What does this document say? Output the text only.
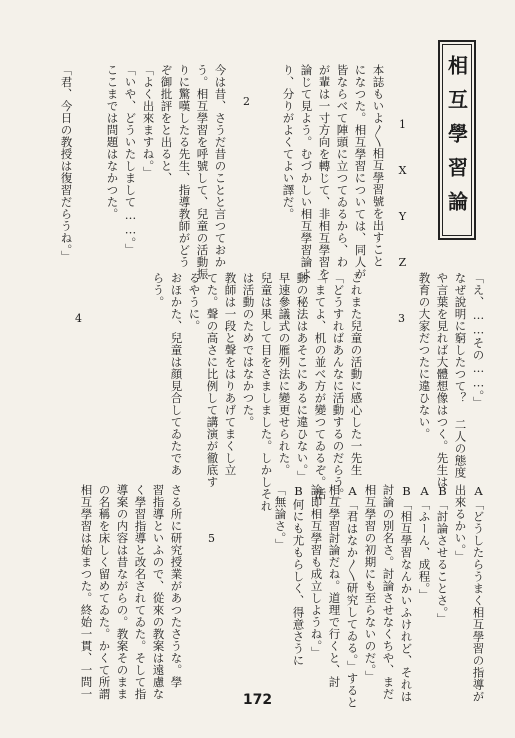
相互學習論
1 X Y Z
2
3
4
5
本誌もいよ〳〵相互學習號を出すこと
になつた。相互學習については、同人が
皆ならべて陣頭に立つてゐるから、わ
が輩は一寸方向を轉じて、非相互學習を
論じて見よう。むづかしい相互學習論よ
り、分りがよくてよい譯だ。
今は昔、さうだ昔のことと言つておか
う。相互學習を呼號して、兒童の活動振
りに驚嘆したる先生、指導教師がどう
ぞ御批評をと出ると、
「よく出來ますね。」
「いや、どういたしまして……。」
ここまでは問題はなかつた。
「君、今日の教授は復習だらうね。」
「え、……その……。」
なぜ說明に窮したつて？ 二人の態度
や言葉を見れば大體想像はつく。先生は
教育の大家だつたに違ひない。
これまた兒童の活動に感心した一先生
「どうすればあんなに活動するのだらう。」
「まてよ、机の並べ方が變つてゐるぞ。活
動の秘法はあそこにあるに違ひない。」
早速參議式の雁列法に變更せられた。
兒童は果して目をさましました。しかしそれ
は活動のためではなかつた。
教師は一段と聲をはりあげてまくし立
てた。聲の高さに比例して講演が徹底す
るやうに。
おほかた、兒童は顔見合してゐたであ
らう。
A「どうしたらうまく相互學習の指導が
出來るかい。」
B「討論させることさ。」
A「ふーん、成程。」
B「相互學習なんかいふけれど、それは
討論の別名さ。討論させなくちや、まだ
相互學習の初期にも至らないのだ。」
A「君はなか〳〵研究してゐる。」すると
相互學習討論だね。道理で行くと、討
論即相互學習も成立しようね。」
B何にも尤もらしく、得意さうに
「無論さ。」
さる所に研究授業があつたさうな。學
習指導といふので、從來の教案は遠慮な
く學習指導と改名されてゐた。そして指
導案の内容は昔ながらの。教案そのまま
の名稱を床しく留めてゐた。かくて所謂
相互學習は始まつた。終始一貫、一問一	172
